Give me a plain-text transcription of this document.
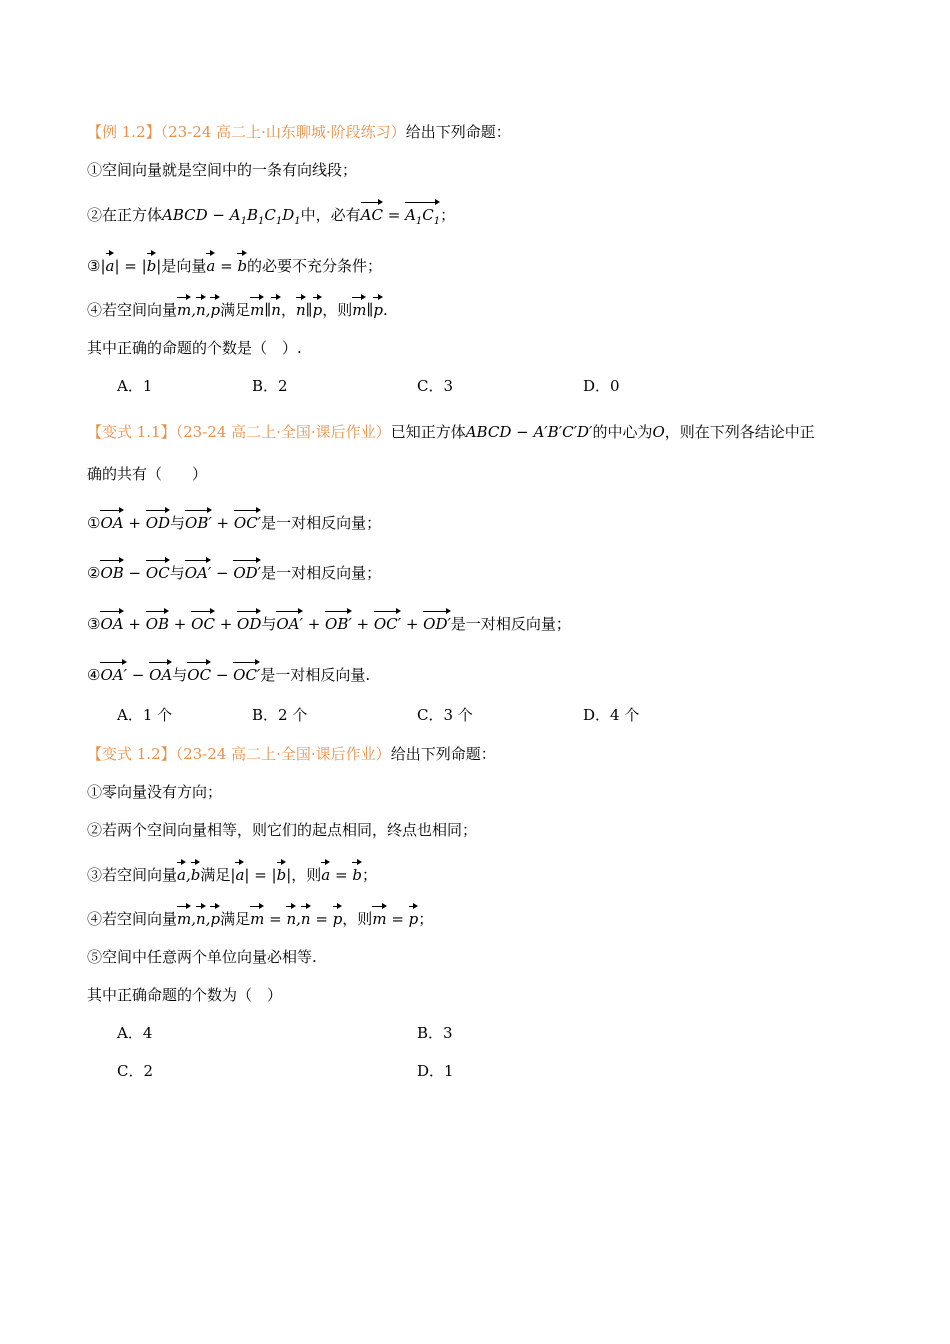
【例 1.2】（23-24 高二上·山东聊城·阶段练习）给出下列命题：
①空间向量就是空间中的一条有向线段；
②在正方体ABCD − $A_1B_1C_1D_1$中，必有AC = $A_1C_1$；
③|a| = |b|是向量a = b的必要不充分条件；
④若空间向量m,n,p满足m∥n，n∥p，则m∥p.
其中正确的命题的个数是（　）.
A．1	B．2	C．3	D．0
【变式 1.1】（23-24 高二上·全国·课后作业）已知正方体ABCD − A′B′C′D′的中心为O，则在下列各结论中正
确的共有（　　）
①OA + OD与OB′ + OC′是一对相反向量；
②OB − OC与OA′ − OD′是一对相反向量；
③OA + OB + OC + OD与OA′ + OB′ + OC′ + OD′是一对相反向量；
④OA′ − OA与OC − OC′是一对相反向量.
A．1 个	B．2 个	C．3 个	D．4 个
【变式 1.2】（23-24 高二上·全国·课后作业）给出下列命题：
①零向量没有方向；
②若两个空间向量相等，则它们的起点相同，终点也相同；
③若空间向量a,b满足|a| = |b|，则a = b；
④若空间向量m,n,p满足m = n,n = p，则m = p；
⑤空间中任意两个单位向量必相等.
其中正确命题的个数为（　）
A．4	B．3
C．2	D．1
